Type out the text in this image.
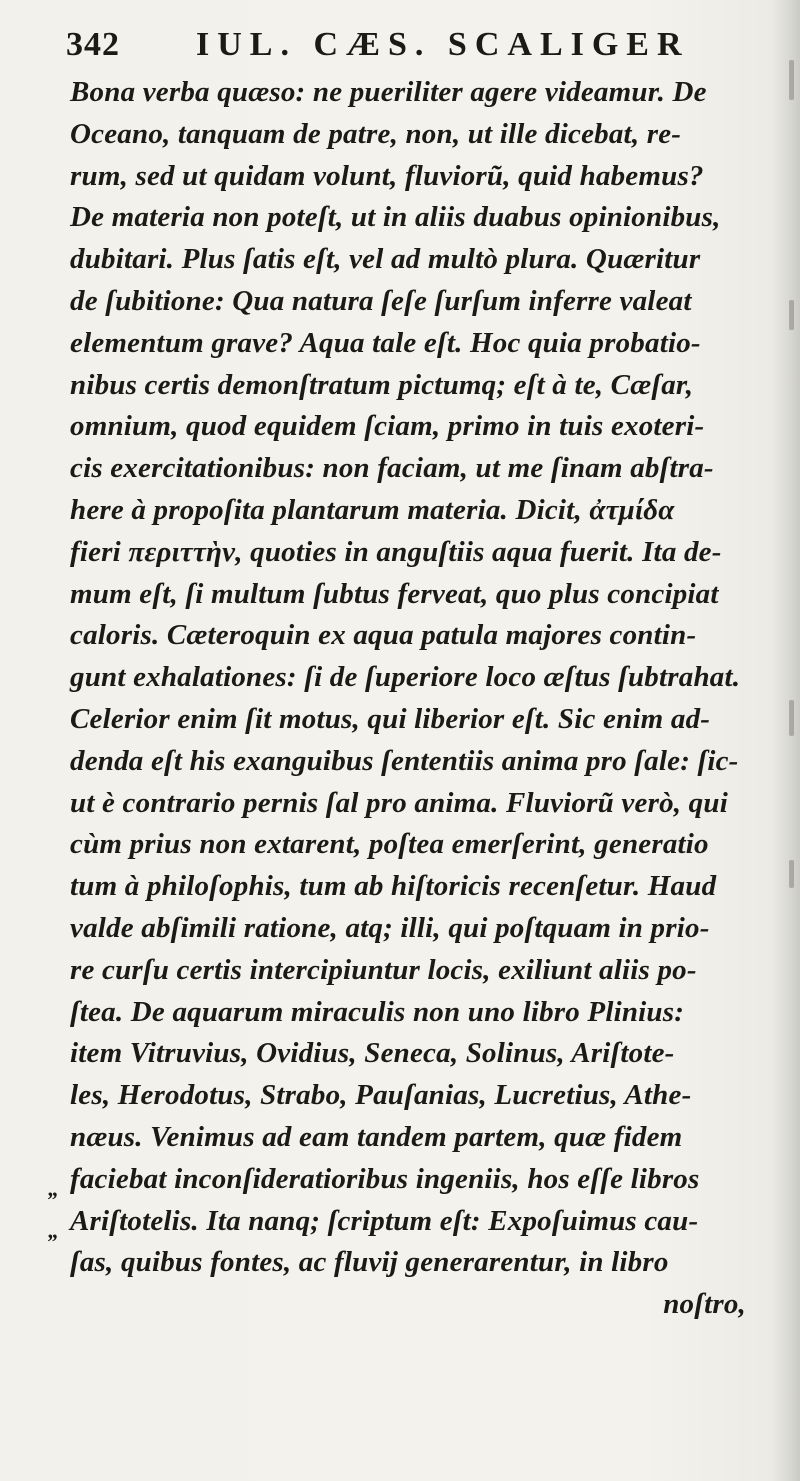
342 IUL. CÆS. SCALIGER
Bona verba quæso: ne pueriliter agere videamur. De
Oceano, tanquam de patre, non, ut ille dicebat, re-
rum, sed ut quidam volunt, fluviorũ, quid habemus?
De materia non poteſt, ut in aliis duabus opinionibus,
dubitari. Plus ſatis eſt, vel ad multò plura. Quæritur
de ſubitione: Qua natura ſeſe ſurſum inferre valeat
elementum grave? Aqua tale eſt. Hoc quia probatio-
nibus certis demonſtratum pictumq; eſt à te, Cæſar,
omnium, quod equidem ſciam, primo in tuis exoteri-
cis exercitationibus: non faciam, ut me ſinam abſtra-
here à propoſita plantarum materia. Dicit, ἀτμίδα
fieri περιττὴν, quoties in anguſtiis aqua fuerit. Ita de-
mum eſt, ſi multum ſubtus ferveat, quo plus concipiat
caloris. Cæteroquin ex aqua patula majores contin-
gunt exhalationes: ſi de ſuperiore loco æſtus ſubtrahat.
Celerior enim ſit motus, qui liberior eſt. Sic enim ad-
denda eſt his exanguibus ſententiis anima pro ſale: ſic-
ut è contrario pernis ſal pro anima. Fluviorũ verò, qui
cùm prius non extarent, poſtea emerſerint, generatio
tum à philoſophis, tum ab hiſtoricis recenſetur. Haud
valde abſimili ratione, atq; illi, qui poſtquam in prio-
re curſu certis intercipiuntur locis, exiliunt aliis po-
ſtea. De aquarum miraculis non uno libro Plinius:
item Vitruvius, Ovidius, Seneca, Solinus, Ariſtote-
les, Herodotus, Strabo, Pauſanias, Lucretius, Athe-
næus. Venimus ad eam tandem partem, quæ fidem
faciebat inconſideratioribus ingeniis, hos eſſe libros
Ariſtotelis. Ita nanq; ſcriptum eſt: Expoſuimus cau-
ſas, quibus fontes, ac fluvij generarentur, in libro
noſtro,
„
„
